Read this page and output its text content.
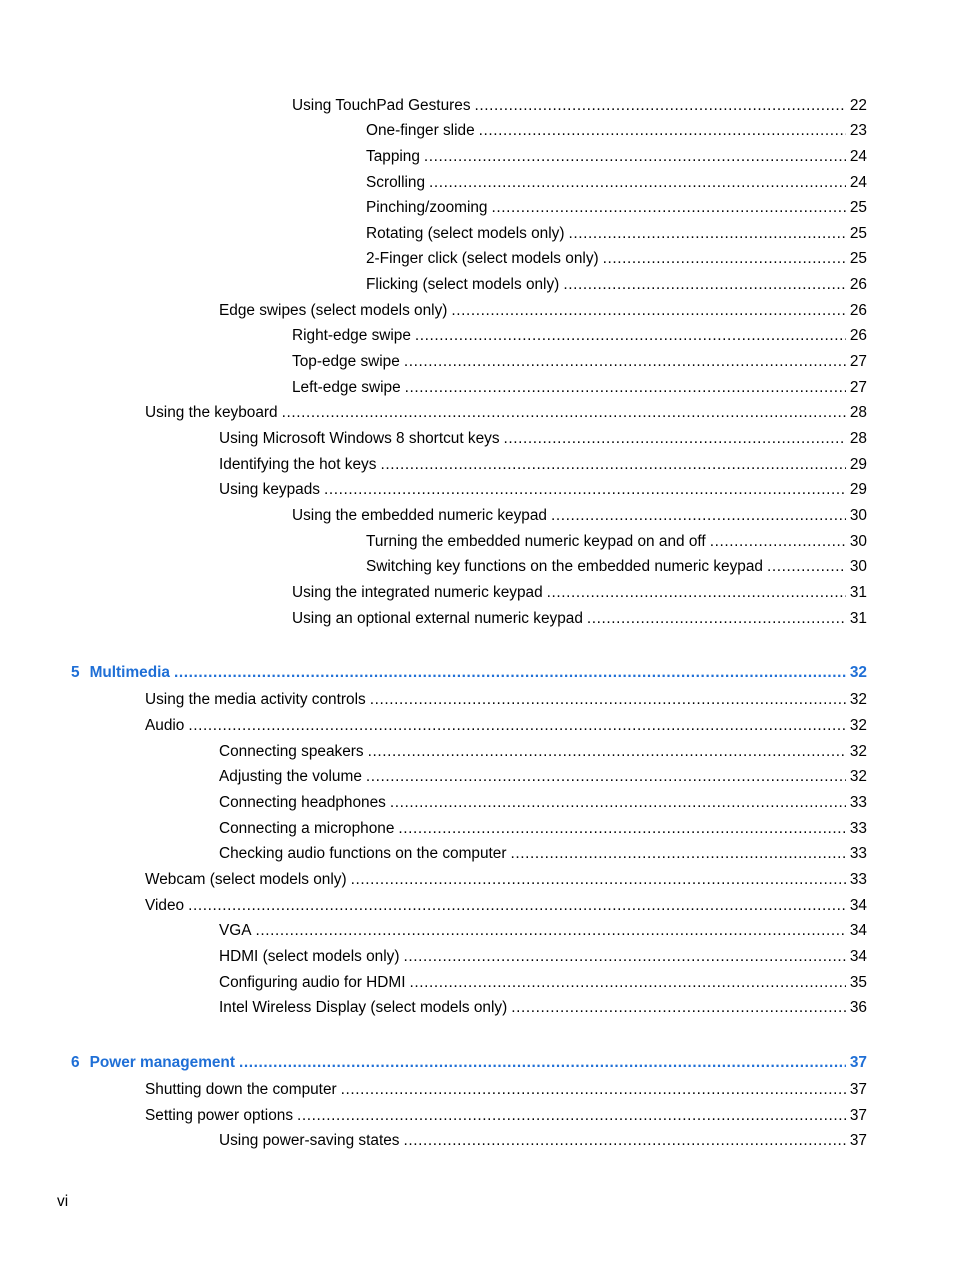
Using TouchPad Gestures .....	22
One-finger slide .....	23
Tapping .....	24
Scrolling .....	24
Pinching/zooming .....	25
Rotating (select models only) .....	25
2-Finger click (select models only) .....	25
Flicking (select models only) .....	26
Edge swipes (select models only) .....	26
Right-edge swipe .....	26
Top-edge swipe .....	27
Left-edge swipe .....	27
Using the keyboard .....	28
Using Microsoft Windows 8 shortcut keys .....	28
Identifying the hot keys .....	29
Using keypads .....	29
Using the embedded numeric keypad .....	30
Turning the embedded numeric keypad on and off .....	30
Switching key functions on the embedded numeric keypad .....	30
Using the integrated numeric keypad .....	31
Using an optional external numeric keypad .....	31
5 Multimedia .....	32
Using the media activity controls .....	32
Audio .....	32
Connecting speakers .....	32
Adjusting the volume .....	32
Connecting headphones .....	33
Connecting a microphone .....	33
Checking audio functions on the computer .....	33
Webcam (select models only) .....	33
Video .....	34
VGA .....	34
HDMI (select models only) .....	34
Configuring audio for HDMI .....	35
Intel Wireless Display (select models only) .....	36
6 Power management .....	37
Shutting down the computer .....	37
Setting power options .....	37
Using power-saving states .....	37
vi
